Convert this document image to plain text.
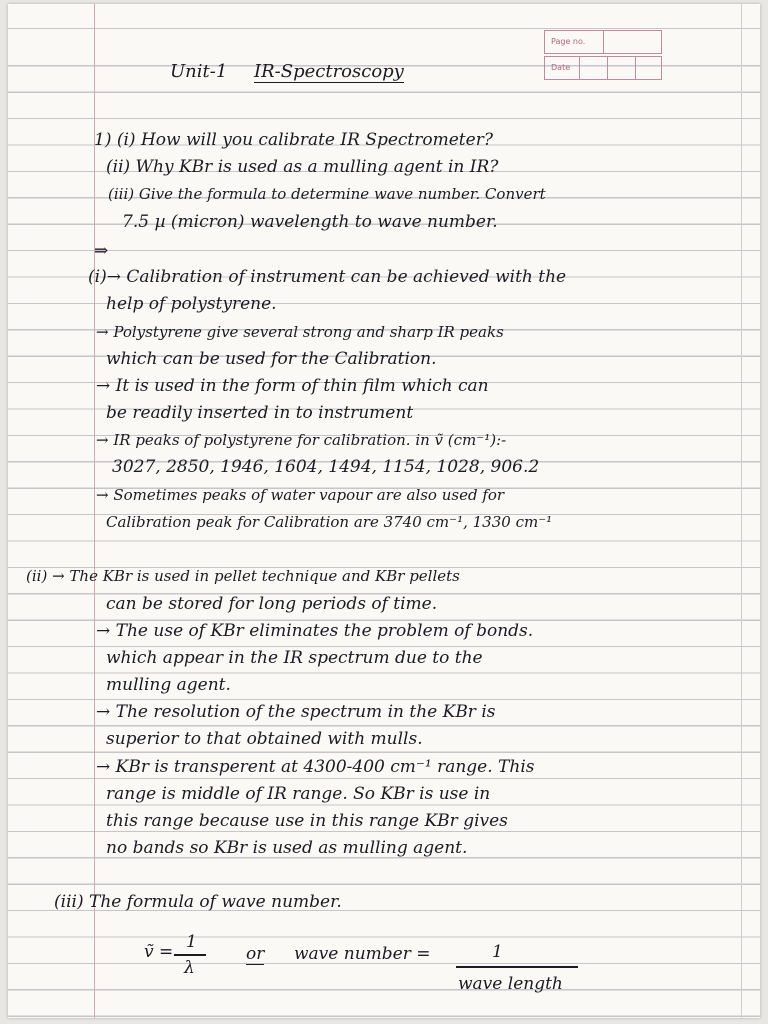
Page no.
Date
Unit-1 IR-Spectroscopy
1) (i) How will you calibrate IR Spectrometer?
(ii) Why KBr is used as a mulling agent in IR?
(iii) Give the formula to determine wave number. Convert
7.5 µ (micron) wavelength to wave number.
⇒
(i)→ Calibration of instrument can be achieved with the
help of polystyrene.
→ Polystyrene give several strong and sharp IR peaks
which can be used for the Calibration.
→ It is used in the form of thin film which can
be readily inserted in to instrument
→ IR peaks of polystyrene for calibration. in ṽ (cm⁻¹):-
3027, 2850, 1946, 1604, 1494, 1154, 1028, 906.2
→ Sometimes peaks of water vapour are also used for
Calibration peak for Calibration are 3740 cm⁻¹, 1330 cm⁻¹
(ii) → The KBr is used in pellet technique and KBr pellets
can be stored for long periods of time.
→ The use of KBr eliminates the problem of bonds.
which appear in the IR spectrum due to the
mulling agent.
→ The resolution of the spectrum in the KBr is
superior to that obtained with mulls.
→ KBr is transperent at 4300-400 cm⁻¹ range. This
range is middle of IR range. So KBr is use in
this range because use in this range KBr gives
no bands so KBr is used as mulling agent.
(iii) The formula of wave number.
ṽ = 1
λ
or wave number =	1
wave length
